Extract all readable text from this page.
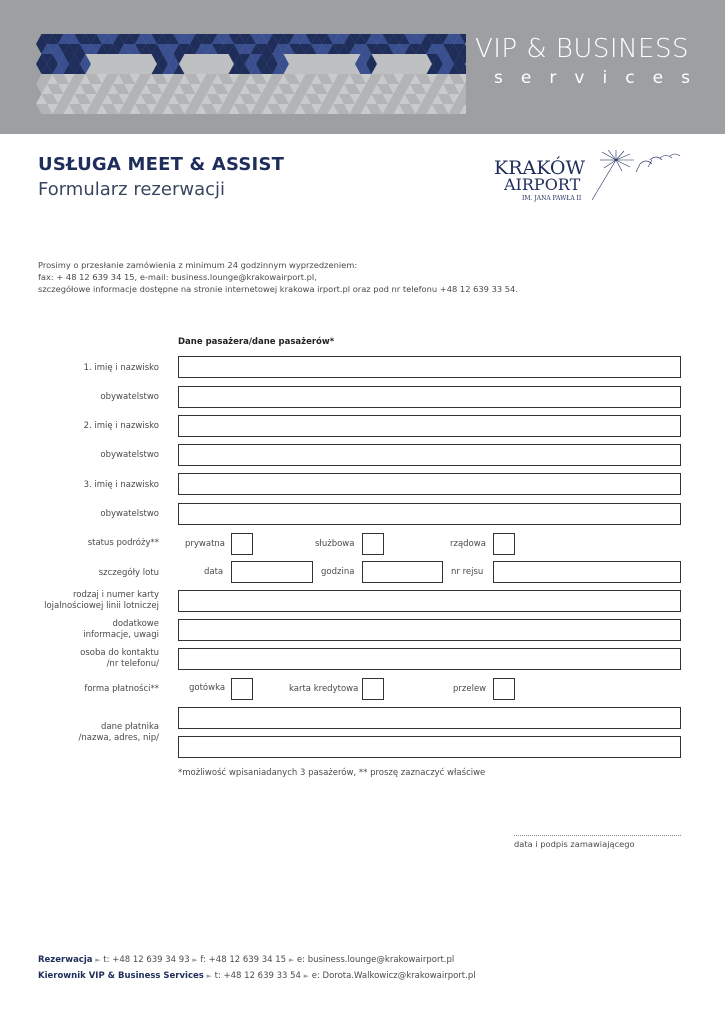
VIP & BUSINESS
s e r v i c e s
USŁUGA MEET & ASSIST
Formularz rezerwacji
KRAKÓW
AIRPORT
IM. JANA PAWŁA II
Prosimy o przesłanie zamówienia z minimum 24 godzinnym wyprzedzeniem:
fax: + 48 12 639 34 15, e-mail: business.lounge@krakowairport.pl,
szczegółowe informacje dostępne na stronie internetowej krakowa irport.pl oraz pod nr telefonu +48 12 639 33 54.
Dane pasażera/dane pasażerów*
1. imię i nazwisko
obywatelstwo
2. imię i nazwisko
obywatelstwo
3. imię i nazwisko
obywatelstwo
status podróży**	prywatna	służbowa	rządowa
szczegóły lotu	data	godzina	nr rejsu
rodzaj i numer karty
lojalnościowej linii lotniczej
dodatkowe
informacje, uwagi
osoba do kontaktu
/nr telefonu/
forma płatności**	gotówka	karta kredytowa	przelew
dane płatnika
/nazwa, adres, nip/
*możliwość wpisaniadanych 3 pasażerów, ** proszę zaznaczyć właściwe
data i podpis zamawiającego
Rezerwacja ► t: +48 12 639 34 93 ► f: +48 12 639 34 15 ► e: business.lounge@krakowairport.pl
Kierownik VIP & Business Services ► t: +48 12 639 33 54 ► e: Dorota.Walkowicz@krakowairport.pl
